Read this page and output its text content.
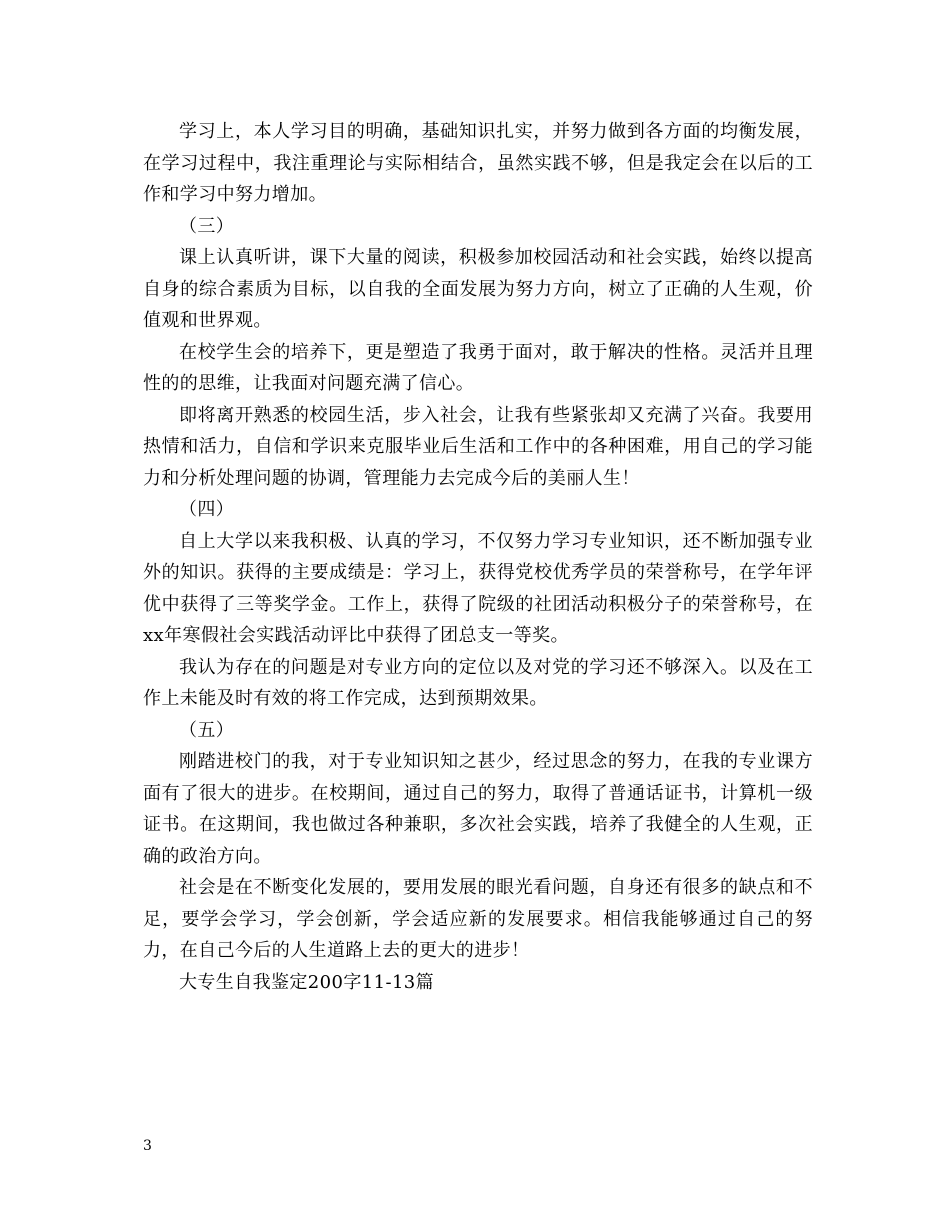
学习上，本人学习目的明确，基础知识扎实，并努力做到各方面的均衡发展，在学习过程中，我注重理论与实际相结合，虽然实践不够，但是我定会在以后的工作和学习中努力增加。

（三）

课上认真听讲，课下大量的阅读，积极参加校园活动和社会实践，始终以提高自身的综合素质为目标，以自我的全面发展为努力方向，树立了正确的人生观，价值观和世界观。

在校学生会的培养下，更是塑造了我勇于面对，敢于解决的性格。灵活并且理性的的思维，让我面对问题充满了信心。

即将离开熟悉的校园生活，步入社会，让我有些紧张却又充满了兴奋。我要用热情和活力，自信和学识来克服毕业后生活和工作中的各种困难，用自己的学习能力和分析处理问题的协调，管理能力去完成今后的美丽人生！

（四）

自上大学以来我积极、认真的学习，不仅努力学习专业知识，还不断加强专业外的知识。获得的主要成绩是：学习上，获得党校优秀学员的荣誉称号，在学年评优中获得了三等奖学金。工作上，获得了院级的社团活动积极分子的荣誉称号，在xx年寒假社会实践活动评比中获得了团总支一等奖。

我认为存在的问题是对专业方向的定位以及对党的学习还不够深入。以及在工作上未能及时有效的将工作完成，达到预期效果。

（五）

刚踏进校门的我，对于专业知识知之甚少，经过思念的努力，在我的专业课方面有了很大的进步。在校期间，通过自己的努力，取得了普通话证书，计算机一级证书。在这期间，我也做过各种兼职，多次社会实践，培养了我健全的人生观，正确的政治方向。

社会是在不断变化发展的，要用发展的眼光看问题，自身还有很多的缺点和不足，要学会学习，学会创新，学会适应新的发展要求。相信我能够通过自己的努力，在自己今后的人生道路上去的更大的进步！

大专生自我鉴定200字11-13篇

3
